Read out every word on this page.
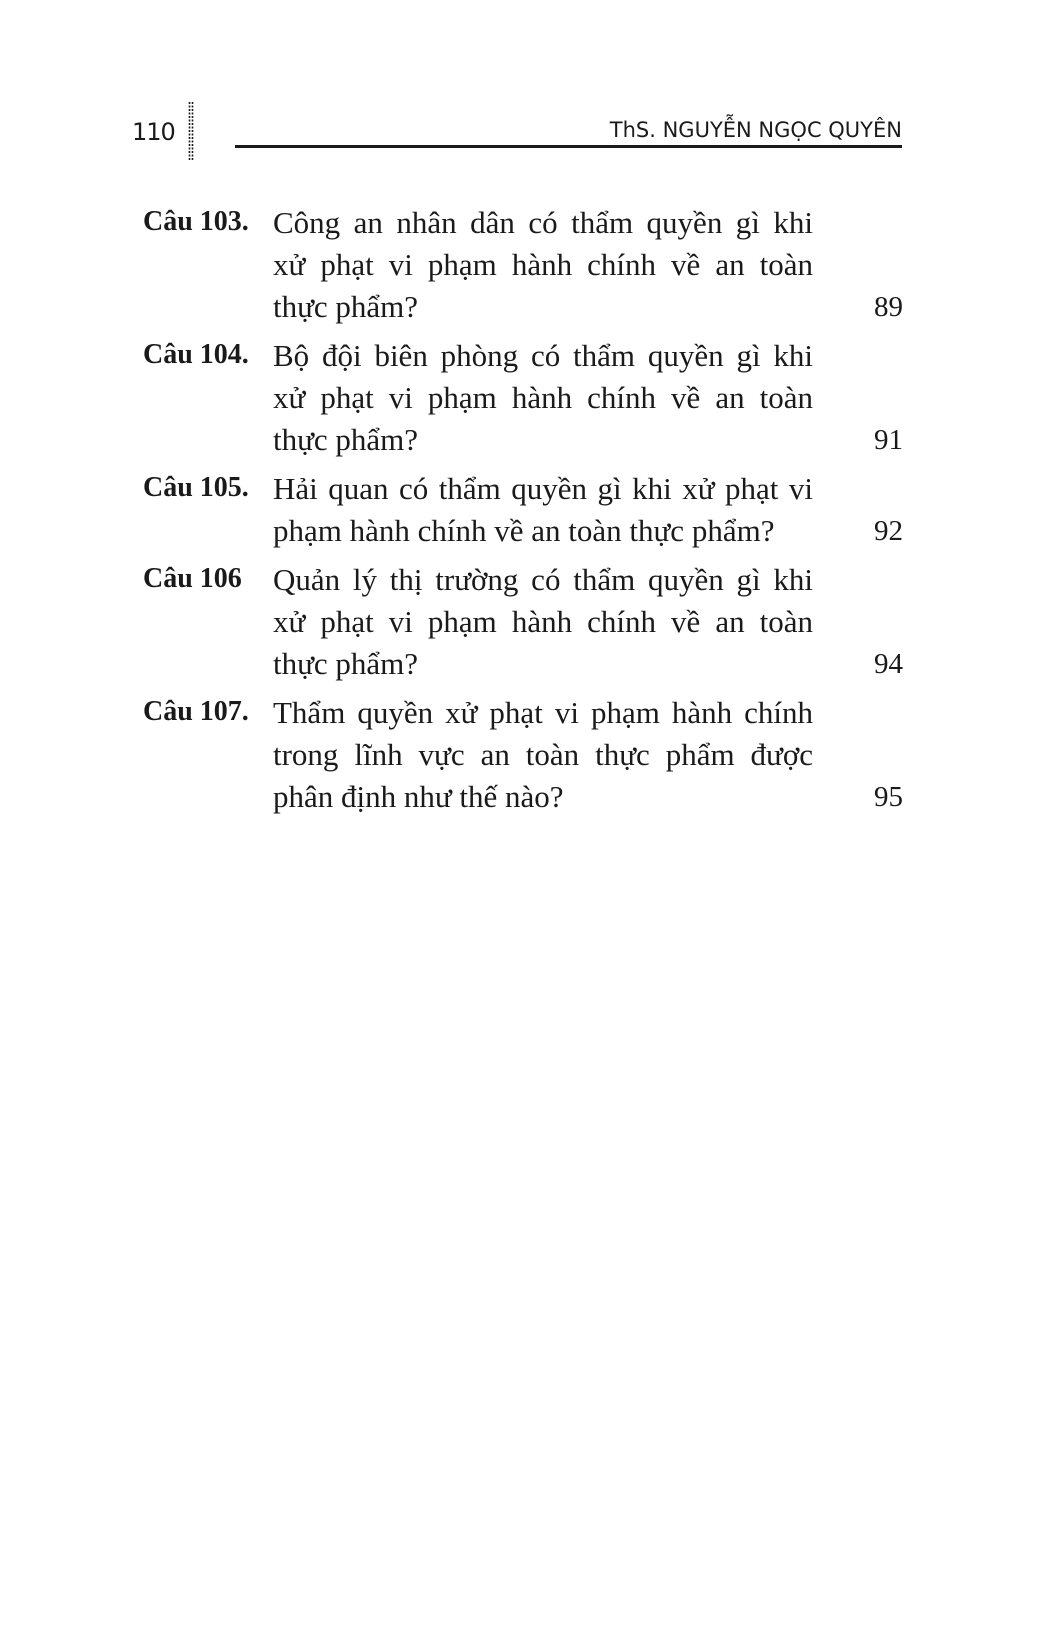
110	ThS. NGUYỄN NGỌC QUYÊN
Câu 103. Công an nhân dân có thẩm quyền gì khi
xử phạt vi phạm hành chính về an toàn
thực phẩm?	89
Câu 104. Bộ đội biên phòng có thẩm quyền gì khi
xử phạt vi phạm hành chính về an toàn
thực phẩm?	91
Câu 105. Hải quan có thẩm quyền gì khi xử phạt vi
phạm hành chính về an toàn thực phẩm?	92
Câu 106 Quản lý thị trường có thẩm quyền gì khi
xử phạt vi phạm hành chính về an toàn
thực phẩm?	94
Câu 107. Thẩm quyền xử phạt vi phạm hành chính
trong lĩnh vực an toàn thực phẩm được
phân định như thế nào?	95
